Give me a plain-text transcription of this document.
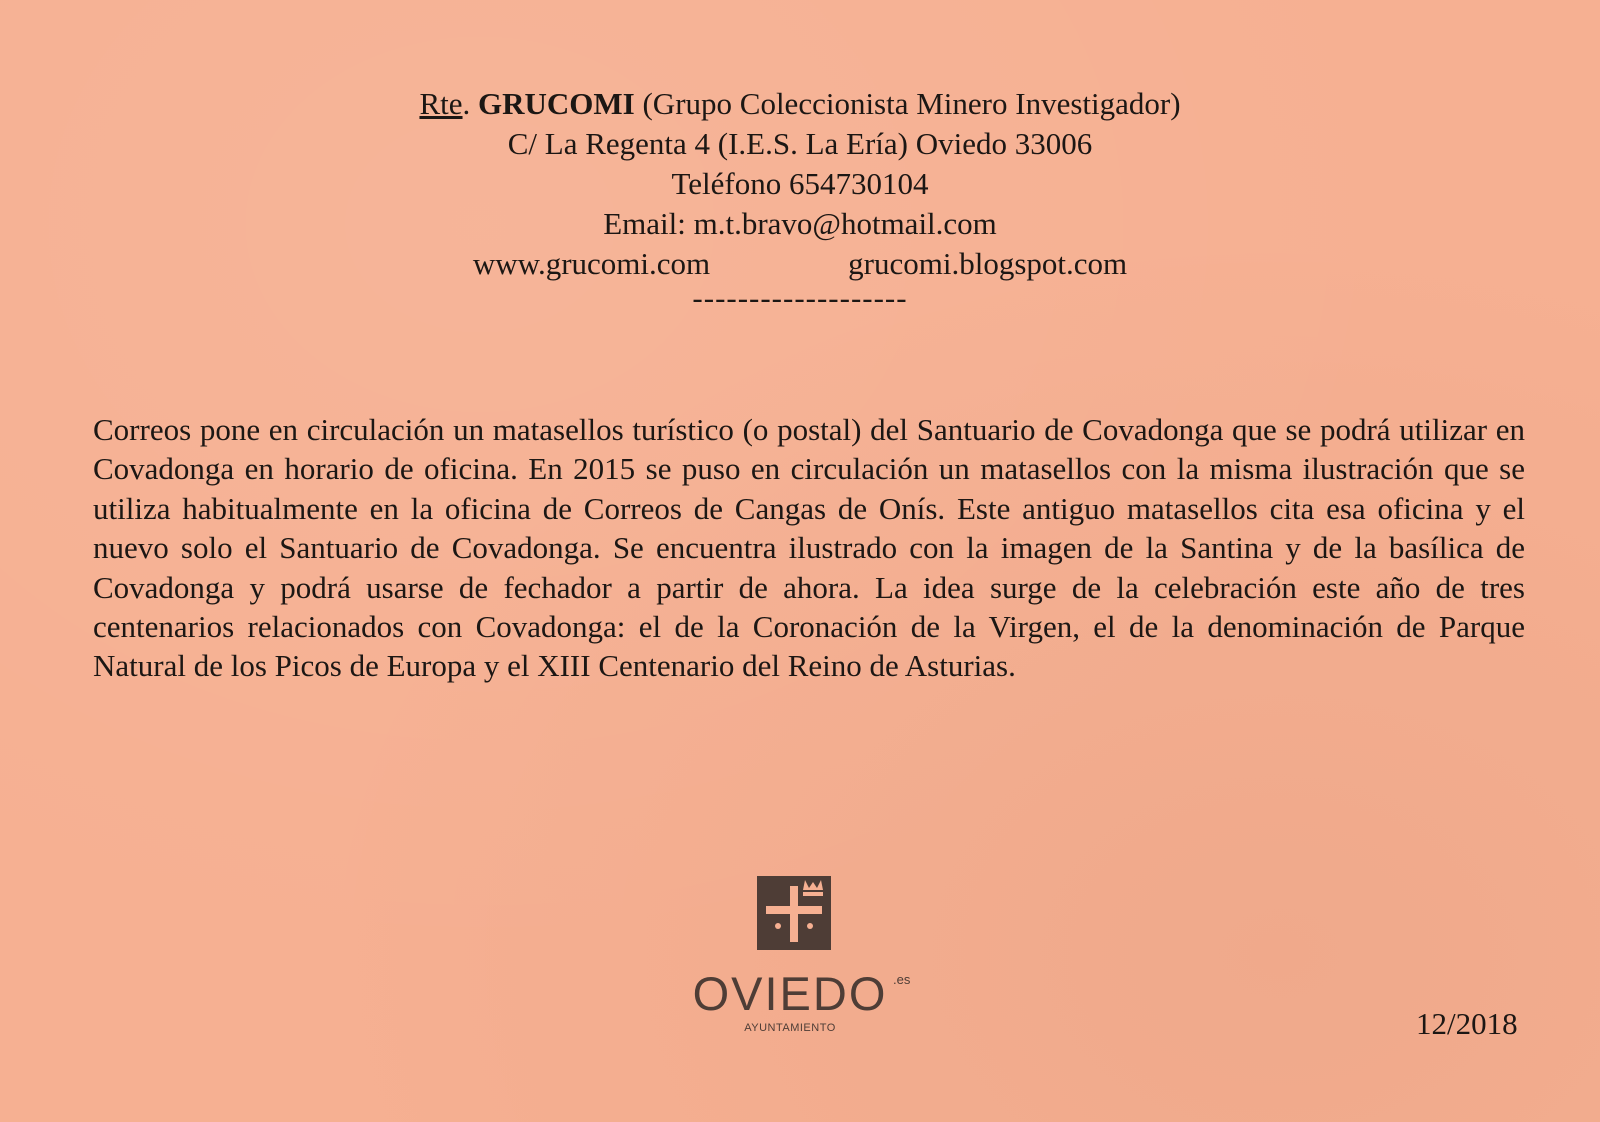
Rte. GRUCOMI (Grupo Coleccionista Minero Investigador)
C/ La Regenta 4 (I.E.S. La Ería) Oviedo 33006
Teléfono 654730104
Email: m.t.bravo@hotmail.com
www.grucomi.com	grucomi.blogspot.com
-------------------
Correos pone en circulación un matasellos turístico (o postal) del Santuario de Covadonga que se podrá utilizar en Covadonga en horario de oficina. En 2015 se puso en circulación un matasellos con la misma ilustración que se utiliza habitualmente en la oficina de Correos de Cangas de Onís. Este antiguo matasellos cita esa oficina y el nuevo solo el Santuario de Covadonga. Se encuentra ilustrado con la imagen de la Santina y de la basílica de Covadonga y podrá usarse de fechador a partir de ahora. La idea surge de la celebración este año de tres centenarios relacionados con Covadonga: el de la Coronación de la Virgen, el de la denominación de Parque Natural de los Picos de Europa y el XIII Centenario del Reino de Asturias.
OVIEDO .es
AYUNTAMIENTO	12/2018
